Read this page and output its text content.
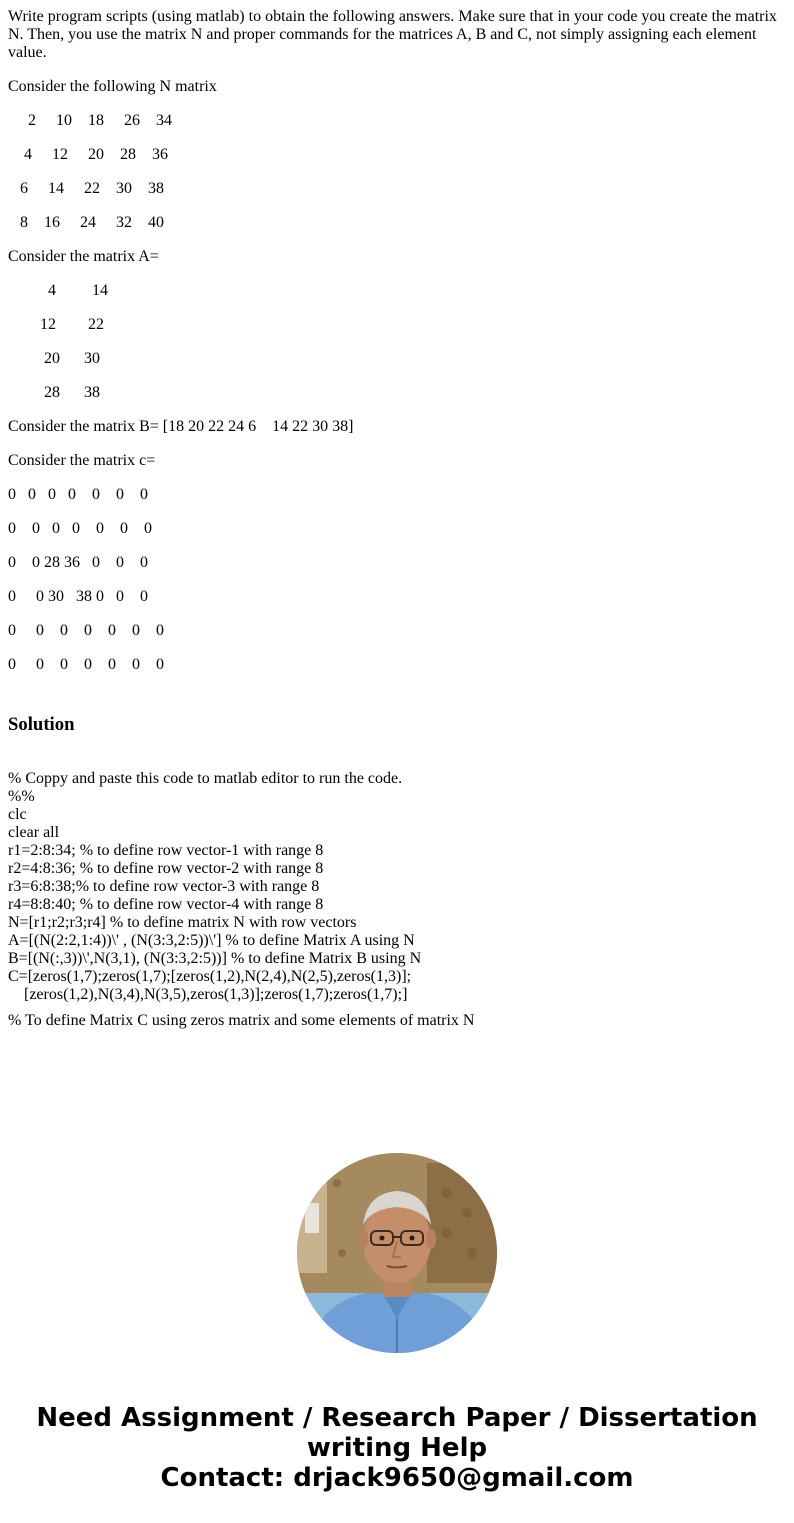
Write program scripts (using matlab) to obtain the following answers. Make sure that in your code you create the matrix N. Then, you use the matrix N and proper commands for the matrices A, B and C, not simply assigning each element value.

Consider the following N matrix

2     10    18     26    34

4     12     20    28    36

6     14     22    30    38

8    16     24     32    40

Consider the matrix A=

4         14

12        22

20      30

28      38

Consider the matrix B= [18 20 22 24 6    14 22 30 38]

Consider the matrix c=

0   0   0   0    0    0    0

0    0   0   0    0    0    0

0    0 28 36   0    0    0

0     0 30   38 0   0    0

0     0    0    0    0    0    0

0     0    0    0    0    0    0

Solution
% Coppy and paste this code to matlab editor to run the code.
%%
clc
clear all
r1=2:8:34; % to define row vector-1 with range 8
r2=4:8:36; % to define row vector-2 with range 8
r3=6:8:38;% to define row vector-3 with range 8
r4=8:8:40; % to define row vector-4 with range 8
N=[r1;r2;r3;r4] % to define matrix N with row vectors
A=[(N(2:2,1:4))\' , (N(3:3,2:5))\'] % to define Matrix A using N
B=[(N(:,3))\',N(3,1), (N(3:3,2:5))] % to define Matrix B using N
C=[zeros(1,7);zeros(1,7);[zeros(1,2),N(2,4),N(2,5),zeros(1,3)];
[zeros(1,2),N(3,4),N(3,5),zeros(1,3)];zeros(1,7);zeros(1,7);]

% To define Matrix C using zeros matrix and some elements of matrix N

Need Assignment / Research Paper / Dissertation
writing Help
Contact: drjack9650@gmail.com
